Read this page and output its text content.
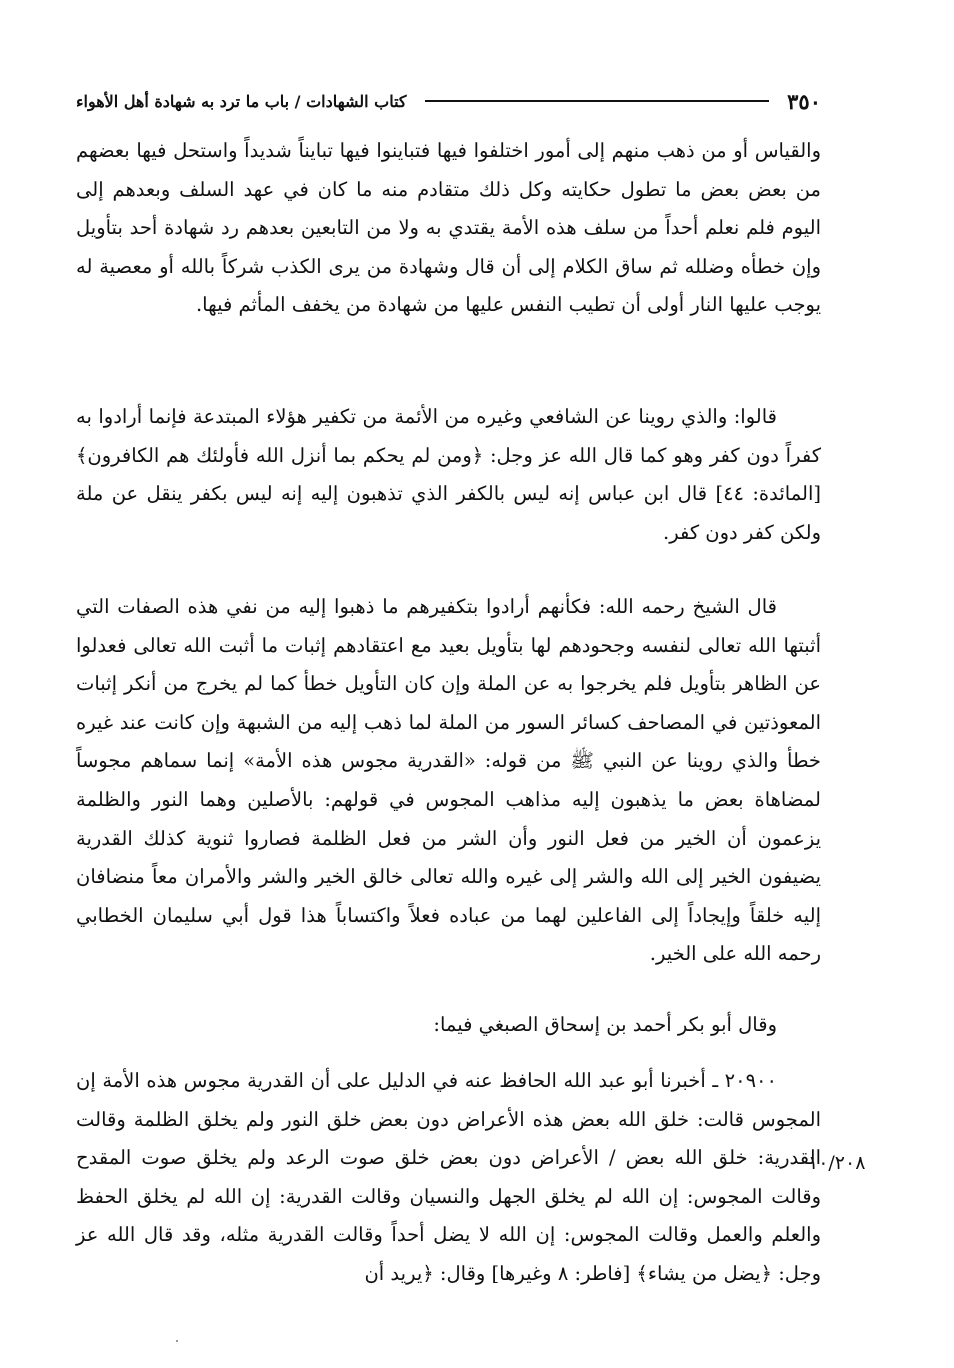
٣٥٠
كتاب الشهادات / باب ما ترد به شهادة أهل الأهواء

والقياس أو من ذهب منهم إلى أمور اختلفوا فيها فتباينوا فيها تبايناً شديداً واستحل فيها بعضهم من بعض بعض ما تطول حكايته وكل ذلك متقادم منه ما كان في عهد السلف وبعدهم إلى اليوم فلم نعلم أحداً من سلف هذه الأمة يقتدي به ولا من التابعين بعدهم رد شهادة أحد بتأويل وإن خطأه وضلله ثم ساق الكلام إلى أن قال وشهادة من يرى الكذب شركاً بالله أو معصية له يوجب عليها النار أولى أن تطيب النفس عليها من شهادة من يخفف المأثم فيها.

قالوا: والذي روينا عن الشافعي وغيره من الأئمة من تكفير هؤلاء المبتدعة فإنما أرادوا به كفراً دون كفر وهو كما قال الله عز وجل: ﴿ومن لم يحكم بما أنزل الله فأولئك هم الكافرون﴾ [المائدة: ٤٤] قال ابن عباس إنه ليس بالكفر الذي تذهبون إليه إنه ليس بكفر ينقل عن ملة ولكن كفر دون كفر.

قال الشيخ رحمه الله: فكأنهم أرادوا بتكفيرهم ما ذهبوا إليه من نفي هذه الصفات التي أثبتها الله تعالى لنفسه وجحودهم لها بتأويل بعيد مع اعتقادهم إثبات ما أثبت الله تعالى فعدلوا عن الظاهر بتأويل فلم يخرجوا به عن الملة وإن كان التأويل خطأ كما لم يخرج من أنكر إثبات المعوذتين في المصاحف كسائر السور من الملة لما ذهب إليه من الشبهة وإن كانت عند غيره خطأ والذي روينا عن النبي ﷺ من قوله: «القدرية مجوس هذه الأمة» إنما سماهم مجوساً لمضاهاة بعض ما يذهبون إليه مذاهب المجوس في قولهم: بالأصلين وهما النور والظلمة يزعمون أن الخير من فعل النور وأن الشر من فعل الظلمة فصاروا ثنوية كذلك القدرية يضيفون الخير إلى الله والشر إلى غيره والله تعالى خالق الخير والشر والأمران معاً منضافان إليه خلقاً وإيجاداً إلى الفاعلين لهما من عباده فعلاً واكتساباً هذا قول أبي سليمان الخطابي رحمه الله على الخير.

وقال أبو بكر أحمد بن إسحاق الصبغي فيما:

٢٠٩٠٠ ـ أخبرنا أبو عبد الله الحافظ عنه في الدليل على أن القدرية مجوس هذه الأمة إن المجوس قالت: خلق الله بعض هذه الأعراض دون بعض خلق النور ولم يخلق الظلمة وقالت القدرية: خلق الله بعض / الأعراض دون بعض خلق صوت الرعد ولم يخلق صوت المقدح وقالت المجوس: إن الله لم يخلق الجهل والنسيان وقالت القدرية: إن الله لم يخلق الحفظ والعلم والعمل وقالت المجوس: إن الله لا يضل أحداً وقالت القدرية مثله، وقد قال الله عز وجل: ﴿يضل من يشاء﴾ [فاطر: ٨ وغيرها] وقال: ﴿يريد أن

١٠/٢٠٨
